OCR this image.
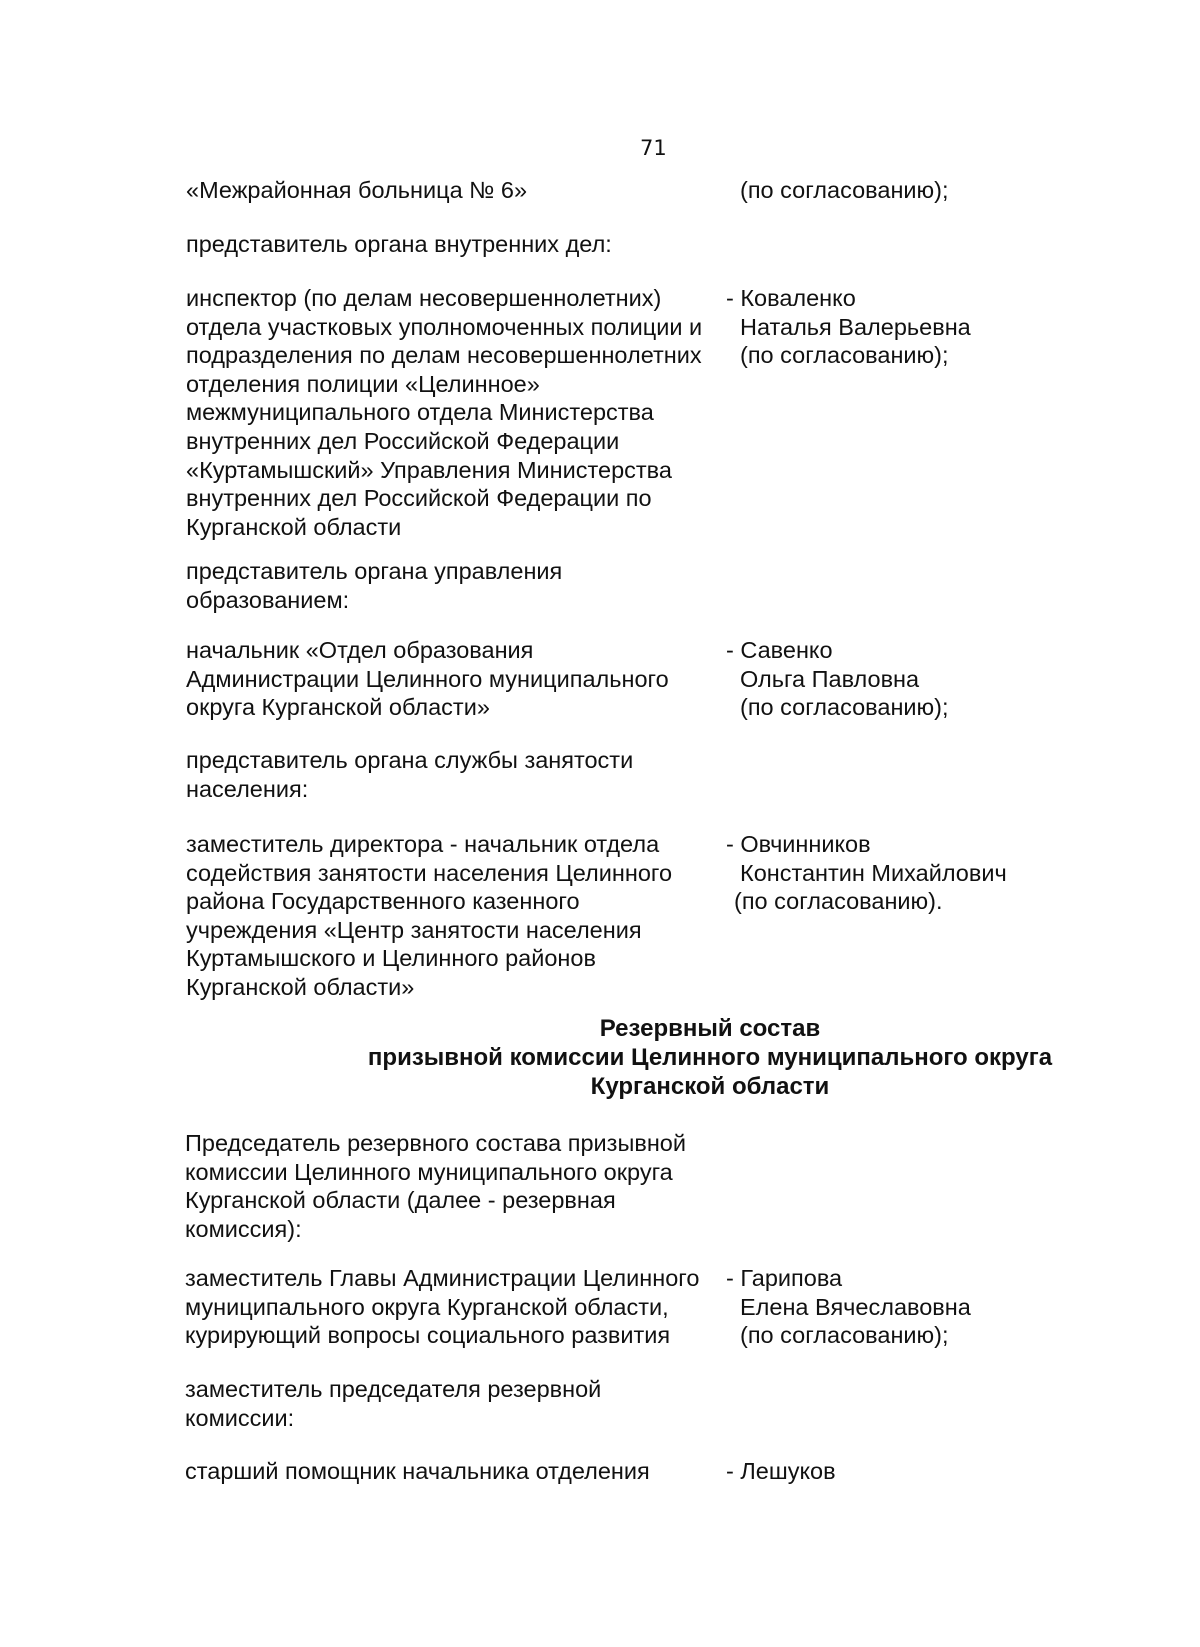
71
«Межрайонная больница № 6»	(по согласованию);
представитель органа внутренних дел:
инспектор (по делам несовершеннолетних)
отдела участковых уполномоченных полиции и
подразделения по делам несовершеннолетних
отделения полиции «Целинное»
межмуниципального отдела Министерства
внутренних дел Российской Федерации
«Куртамышский» Управления Министерства
внутренних дел Российской Федерации по
Курганской области
- Коваленко
Наталья Валерьевна
(по согласованию);
представитель органа управления
образованием:
начальник «Отдел образования
Администрации Целинного муниципального
округа Курганской области»
- Савенко
Ольга Павловна
(по согласованию);
представитель органа службы занятости
населения:
заместитель директора - начальник отдела
содействия занятости населения Целинного
района Государственного казенного
учреждения «Центр занятости населения
Куртамышского и Целинного районов
Курганской области»
- Овчинников
Константин Михайлович
(по согласованию).
Резервный состав
призывной комиссии Целинного муниципального округа
Курганской области
Председатель резервного состава призывной
комиссии Целинного муниципального округа
Курганской области (далее - резервная
комиссия):
заместитель Главы Администрации Целинного
муниципального округа Курганской области,
курирующий вопросы социального развития
- Гарипова
Елена Вячеславовна
(по согласованию);
заместитель председателя резервной
комиссии:
старший помощник начальника отделения	- Лешуков
